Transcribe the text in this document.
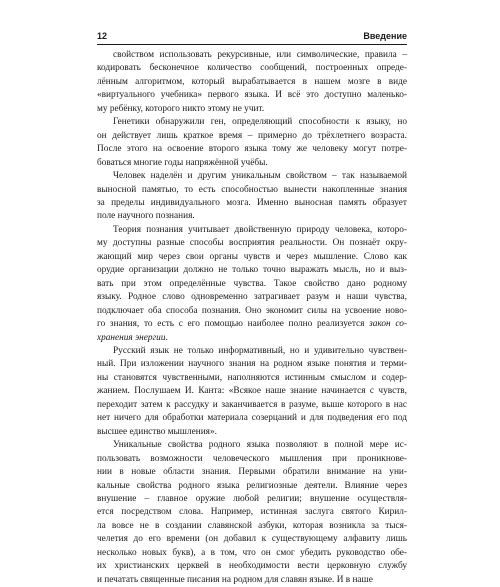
12	Введение
свойством использовать рекурсивные, или символические, правила –
кодировать бесконечное количество сообщений, построенных опреде-
лённым алгоритмом, который вырабатывается в нашем мозге в виде
«виртуального учебника» первого языка. И всё это доступно маленько-
му ребёнку, которого никто этому не учит.
Генетики обнаружили ген, определяющий способности к языку, но
он действует лишь краткое время – примерно до трёхлетнего возраста.
После этого на освоение второго языка тому же человеку могут потре-
боваться многие годы напряжённой учёбы.
Человек наделён и другим уникальным свойством – так называемой
выносной памятью, то есть способностью вынести накопленные знания
за пределы индивидуального мозга. Именно выносная память образует
поле научного познания.
Теория познания учитывает двойственную природу человека, которо-
му доступны разные способы восприятия реальности. Он познаёт окру-
жающий мир через свои органы чувств и через мышление. Слово как
орудие организации должно не только точно выражать мысль, но и выз-
вать при этом определённые чувства. Такое свойство дано родному
языку. Родное слово одновременно затрагивает разум и наши чувства,
подключает оба способа познания. Оно экономит силы на усвоение ново-
го знания, то есть с его помощью наиболее полно реализуется закон со-
хранения энергии.
Русский язык не только информативный, но и удивительно чувствен-
ный. При изложении научного знания на родном языке понятия и терми-
ны становятся чувственными, наполняются истинным смыслом и содер-
жанием. Послушаем И. Канта: «Всякое наше знание начинается с чувств,
переходит затем к рассудку и заканчивается в разуме, выше которого в нас
нет ничего для обработки материала созерцаний и для подведения его под
высшее единство мышления».
Уникальные свойства родного языка позволяют в полной мере ис-
пользовать возможности человеческого мышления при проникнове-
нии в новые области знания. Первыми обратили внимание на уни-
кальные свойства родного языка религиозные деятели. Влияние через
внушение – главное оружие любой религии; внушение осуществля-
ется посредством слова. Например, истинная заслуга святого Кирил-
ла вовсе не в создании славянской азбуки, которая возникла за тыся-
челетия до его времени (он добавил к существующему алфавиту лишь
несколько новых букв), а в том, что он смог убедить руководство обе-
их христианских церквей в необходимости вести церковную службу
и печатать священные писания на родном для славян языке. И в наше
